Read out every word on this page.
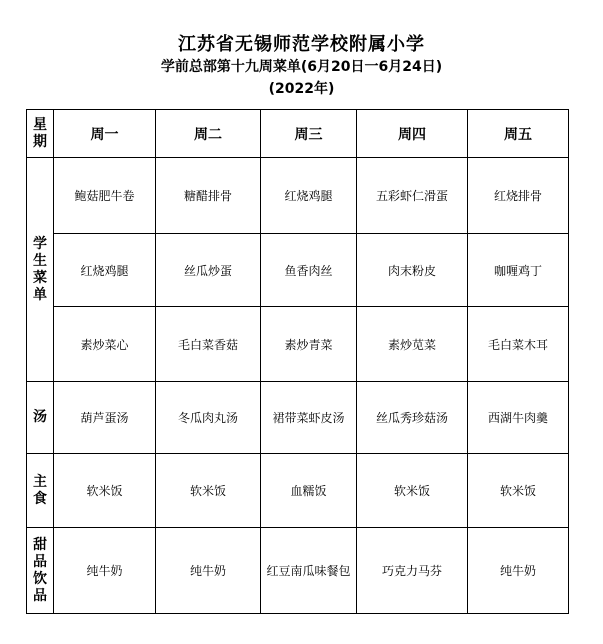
江苏省无锡师范学校附属小学
学前总部第十九周菜单(6月20日一6月24日)
(2022年)
星
期	周一	周二	周三	周四	周五

学
生
菜
单	鲍菇肥牛卷	糖醋排骨	红烧鸡腿	五彩虾仁滑蛋	红烧排骨
	红烧鸡腿	丝瓜炒蛋	鱼香肉丝	肉末粉皮	咖喱鸡丁
	素炒菜心	毛白菜香菇	素炒青菜	素炒苋菜	毛白菜木耳

汤	葫芦蛋汤	冬瓜肉丸汤	裙带菜虾皮汤	丝瓜秀珍菇汤	西湖牛肉羹

主
食	软米饭	软米饭	血糯饭	软米饭	软米饭

甜
品
饮
品	纯牛奶	纯牛奶	红豆南瓜味餐包	巧克力马芬	纯牛奶
